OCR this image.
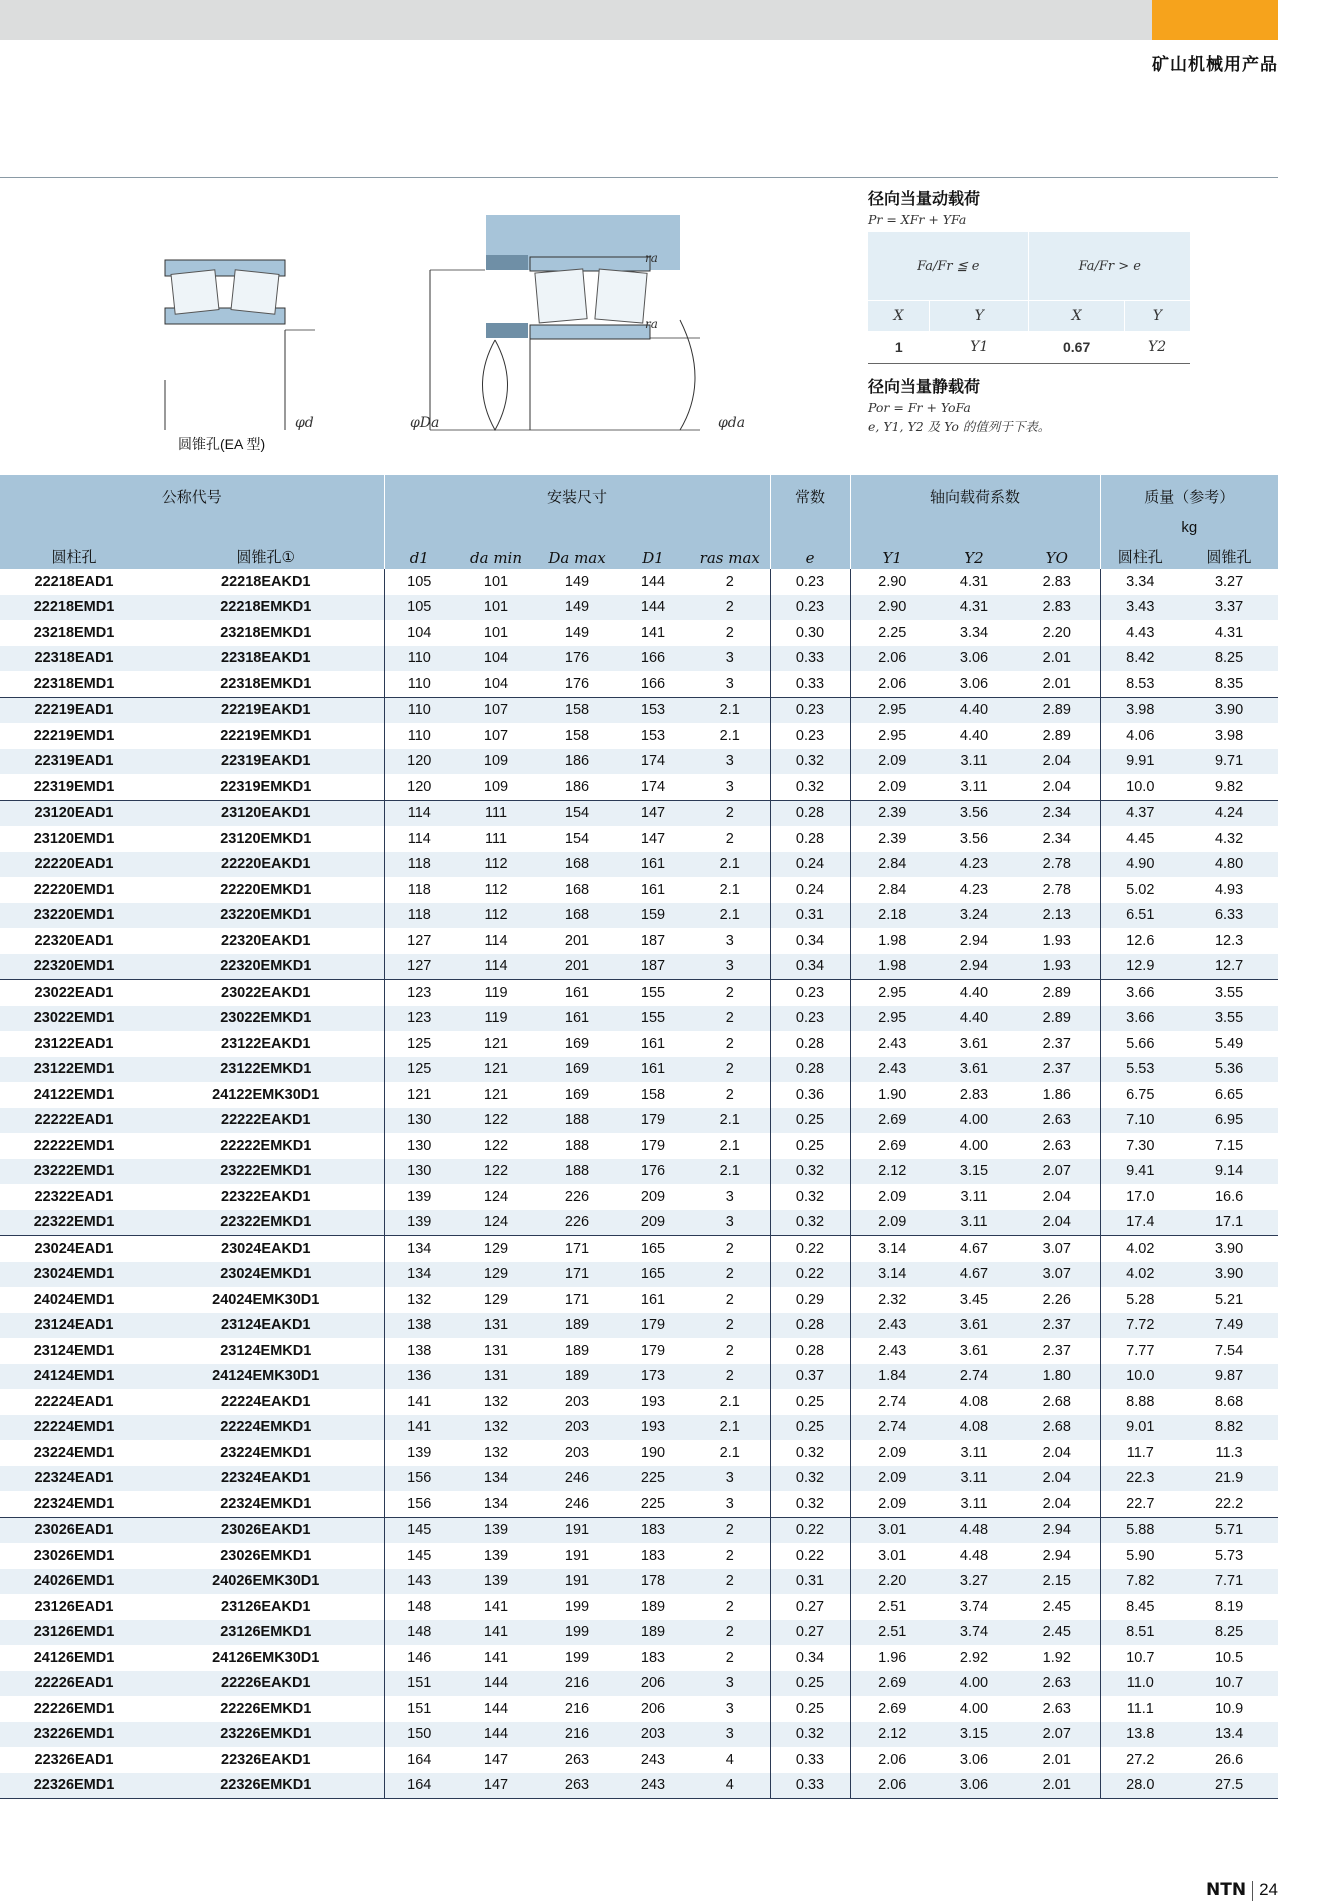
矿山机械用产品
φd
圆锥孔(EA 型)
φDa	φda
ra
ra
径向当量动载荷
Pr = XFr + YFa
Fa/Fr ≦ e		Fa/Fr > e	
X	Y	X	Y
1	Y1	0.67	Y2
径向当量静载荷
Por = Fr + YoFa
e, Y1, Y2 及 Yo 的值列于下表。
公称代号		安装尺寸					常数	轴向载荷系数			质量（参考）	
											kg	
圆柱孔	圆锥孔①	d1	da min	Da max	D1	ras max	e	Y1	Y2	YO	圆柱孔	圆锥孔
22218EAD1	22218EAKD1	105	101	149	144	2	0.23	2.90	4.31	2.83	3.34	3.27
22218EMD1	22218EMKD1	105	101	149	144	2	0.23	2.90	4.31	2.83	3.43	3.37
23218EMD1	23218EMKD1	104	101	149	141	2	0.30	2.25	3.34	2.20	4.43	4.31
22318EAD1	22318EAKD1	110	104	176	166	3	0.33	2.06	3.06	2.01	8.42	8.25
22318EMD1	22318EMKD1	110	104	176	166	3	0.33	2.06	3.06	2.01	8.53	8.35
22219EAD1	22219EAKD1	110	107	158	153	2.1	0.23	2.95	4.40	2.89	3.98	3.90
22219EMD1	22219EMKD1	110	107	158	153	2.1	0.23	2.95	4.40	2.89	4.06	3.98
22319EAD1	22319EAKD1	120	109	186	174	3	0.32	2.09	3.11	2.04	9.91	9.71
22319EMD1	22319EMKD1	120	109	186	174	3	0.32	2.09	3.11	2.04	10.0	9.82
23120EAD1	23120EAKD1	114	111	154	147	2	0.28	2.39	3.56	2.34	4.37	4.24
23120EMD1	23120EMKD1	114	111	154	147	2	0.28	2.39	3.56	2.34	4.45	4.32
22220EAD1	22220EAKD1	118	112	168	161	2.1	0.24	2.84	4.23	2.78	4.90	4.80
22220EMD1	22220EMKD1	118	112	168	161	2.1	0.24	2.84	4.23	2.78	5.02	4.93
23220EMD1	23220EMKD1	118	112	168	159	2.1	0.31	2.18	3.24	2.13	6.51	6.33
22320EAD1	22320EAKD1	127	114	201	187	3	0.34	1.98	2.94	1.93	12.6	12.3
22320EMD1	22320EMKD1	127	114	201	187	3	0.34	1.98	2.94	1.93	12.9	12.7
23022EAD1	23022EAKD1	123	119	161	155	2	0.23	2.95	4.40	2.89	3.66	3.55
23022EMD1	23022EMKD1	123	119	161	155	2	0.23	2.95	4.40	2.89	3.66	3.55
23122EAD1	23122EAKD1	125	121	169	161	2	0.28	2.43	3.61	2.37	5.66	5.49
23122EMD1	23122EMKD1	125	121	169	161	2	0.28	2.43	3.61	2.37	5.53	5.36
24122EMD1	24122EMK30D1	121	121	169	158	2	0.36	1.90	2.83	1.86	6.75	6.65
22222EAD1	22222EAKD1	130	122	188	179	2.1	0.25	2.69	4.00	2.63	7.10	6.95
22222EMD1	22222EMKD1	130	122	188	179	2.1	0.25	2.69	4.00	2.63	7.30	7.15
23222EMD1	23222EMKD1	130	122	188	176	2.1	0.32	2.12	3.15	2.07	9.41	9.14
22322EAD1	22322EAKD1	139	124	226	209	3	0.32	2.09	3.11	2.04	17.0	16.6
22322EMD1	22322EMKD1	139	124	226	209	3	0.32	2.09	3.11	2.04	17.4	17.1
23024EAD1	23024EAKD1	134	129	171	165	2	0.22	3.14	4.67	3.07	4.02	3.90
23024EMD1	23024EMKD1	134	129	171	165	2	0.22	3.14	4.67	3.07	4.02	3.90
24024EMD1	24024EMK30D1	132	129	171	161	2	0.29	2.32	3.45	2.26	5.28	5.21
23124EAD1	23124EAKD1	138	131	189	179	2	0.28	2.43	3.61	2.37	7.72	7.49
23124EMD1	23124EMKD1	138	131	189	179	2	0.28	2.43	3.61	2.37	7.77	7.54
24124EMD1	24124EMK30D1	136	131	189	173	2	0.37	1.84	2.74	1.80	10.0	9.87
22224EAD1	22224EAKD1	141	132	203	193	2.1	0.25	2.74	4.08	2.68	8.88	8.68
22224EMD1	22224EMKD1	141	132	203	193	2.1	0.25	2.74	4.08	2.68	9.01	8.82
23224EMD1	23224EMKD1	139	132	203	190	2.1	0.32	2.09	3.11	2.04	11.7	11.3
22324EAD1	22324EAKD1	156	134	246	225	3	0.32	2.09	3.11	2.04	22.3	21.9
22324EMD1	22324EMKD1	156	134	246	225	3	0.32	2.09	3.11	2.04	22.7	22.2
23026EAD1	23026EAKD1	145	139	191	183	2	0.22	3.01	4.48	2.94	5.88	5.71
23026EMD1	23026EMKD1	145	139	191	183	2	0.22	3.01	4.48	2.94	5.90	5.73
24026EMD1	24026EMK30D1	143	139	191	178	2	0.31	2.20	3.27	2.15	7.82	7.71
23126EAD1	23126EAKD1	148	141	199	189	2	0.27	2.51	3.74	2.45	8.45	8.19
23126EMD1	23126EMKD1	148	141	199	189	2	0.27	2.51	3.74	2.45	8.51	8.25
24126EMD1	24126EMK30D1	146	141	199	183	2	0.34	1.96	2.92	1.92	10.7	10.5
22226EAD1	22226EAKD1	151	144	216	206	3	0.25	2.69	4.00	2.63	11.0	10.7
22226EMD1	22226EMKD1	151	144	216	206	3	0.25	2.69	4.00	2.63	11.1	10.9
23226EMD1	23226EMKD1	150	144	216	203	3	0.32	2.12	3.15	2.07	13.8	13.4
22326EAD1	22326EAKD1	164	147	263	243	4	0.33	2.06	3.06	2.01	27.2	26.6
22326EMD1	22326EMKD1	164	147	263	243	4	0.33	2.06	3.06	2.01	28.0	27.5
NTN 24
